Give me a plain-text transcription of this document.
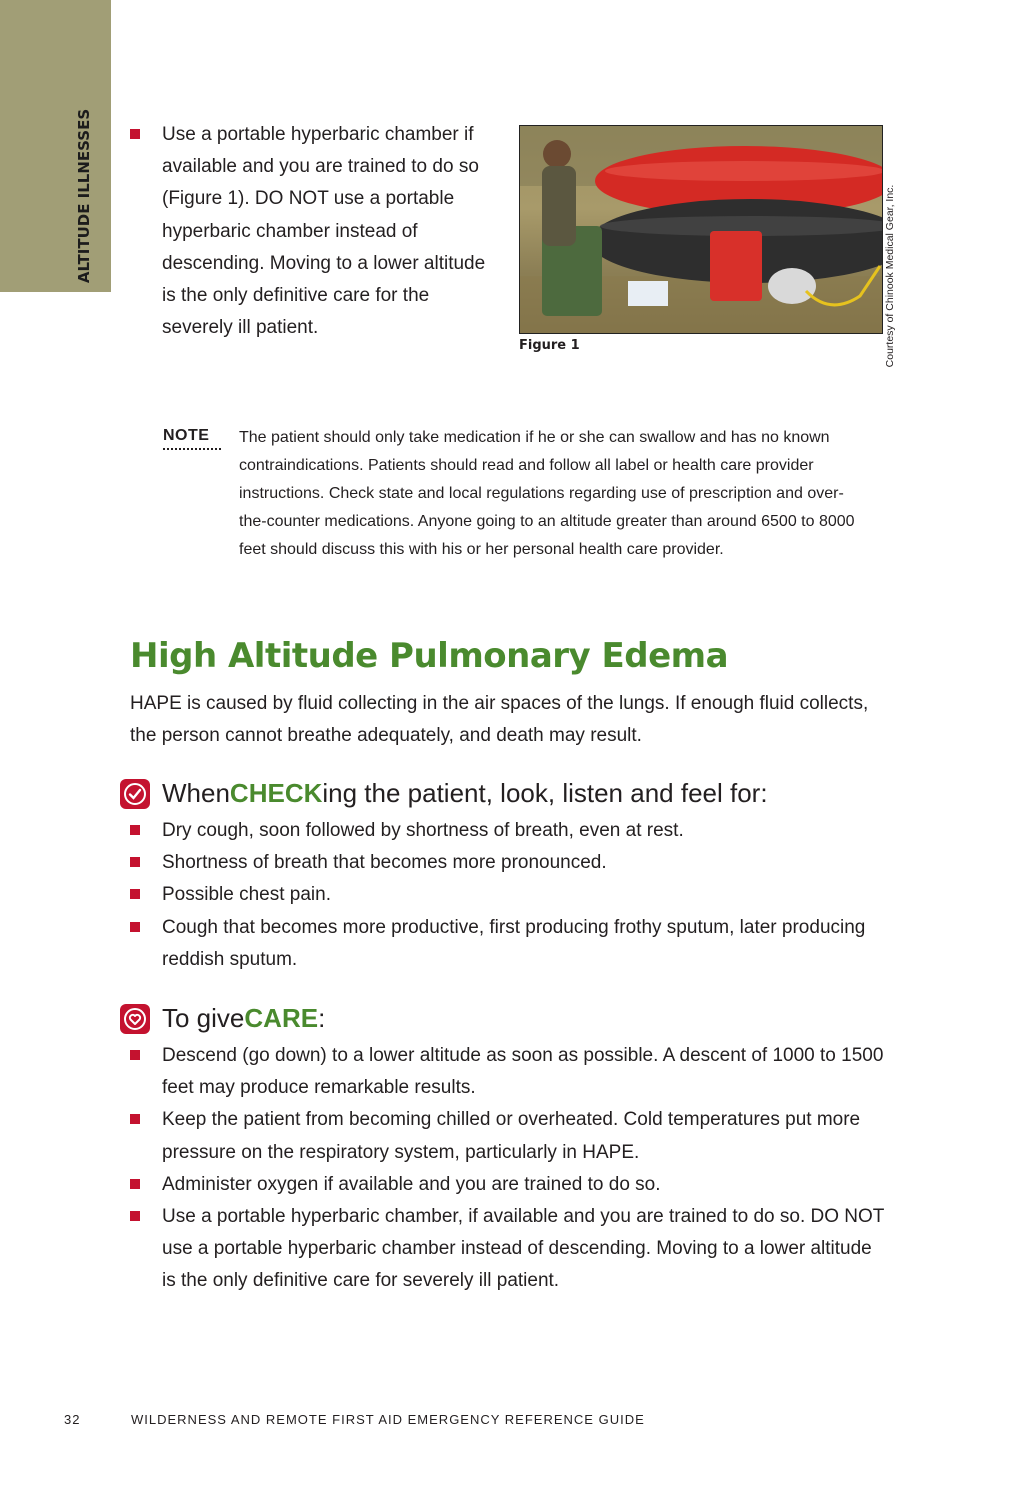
ALTITUDE ILLNESSES	Use a portable hyperbaric chamber if available and you are trained to do so (Figure 1). DO NOT use a portable hyperbaric chamber instead of descending. Moving to a lower altitude is the only definitive care for the severely ill patient.
Figure 1	Courtesy of Chinook Medical Gear, Inc.
NOTE The patient should only take medication if he or she can swallow and has no known contraindications. Patients should read and follow all label or health care provider instructions. Check state and local regulations regarding use of prescription and over-the-counter medications. Anyone going to an altitude greater than around 6500 to 8000 feet should discuss this with his or her personal health care provider.
High Altitude Pulmonary Edema
HAPE is caused by fluid collecting in the air spaces of the lungs. If enough fluid collects, the person cannot breathe adequately, and death may result.
When CHECK ing the patient, look, listen and feel for:
Dry cough, soon followed by shortness of breath, even at rest.
Shortness of breath that becomes more pronounced.
Possible chest pain.
Cough that becomes more productive, first producing frothy sputum, later producing reddish sputum.
To give CARE :
Descend (go down) to a lower altitude as soon as possible. A descent of 1000 to 1500 feet may produce remarkable results.
Keep the patient from becoming chilled or overheated. Cold temperatures put more pressure on the respiratory system, particularly in HAPE.
Administer oxygen if available and you are trained to do so.
Use a portable hyperbaric chamber, if available and you are trained to do so. DO NOT use a portable hyperbaric chamber instead of descending. Moving to a lower altitude is the only definitive care for severely ill patient.
32	WILDERNESS AND REMOTE FIRST AID EMERGENCY REFERENCE GUIDE
